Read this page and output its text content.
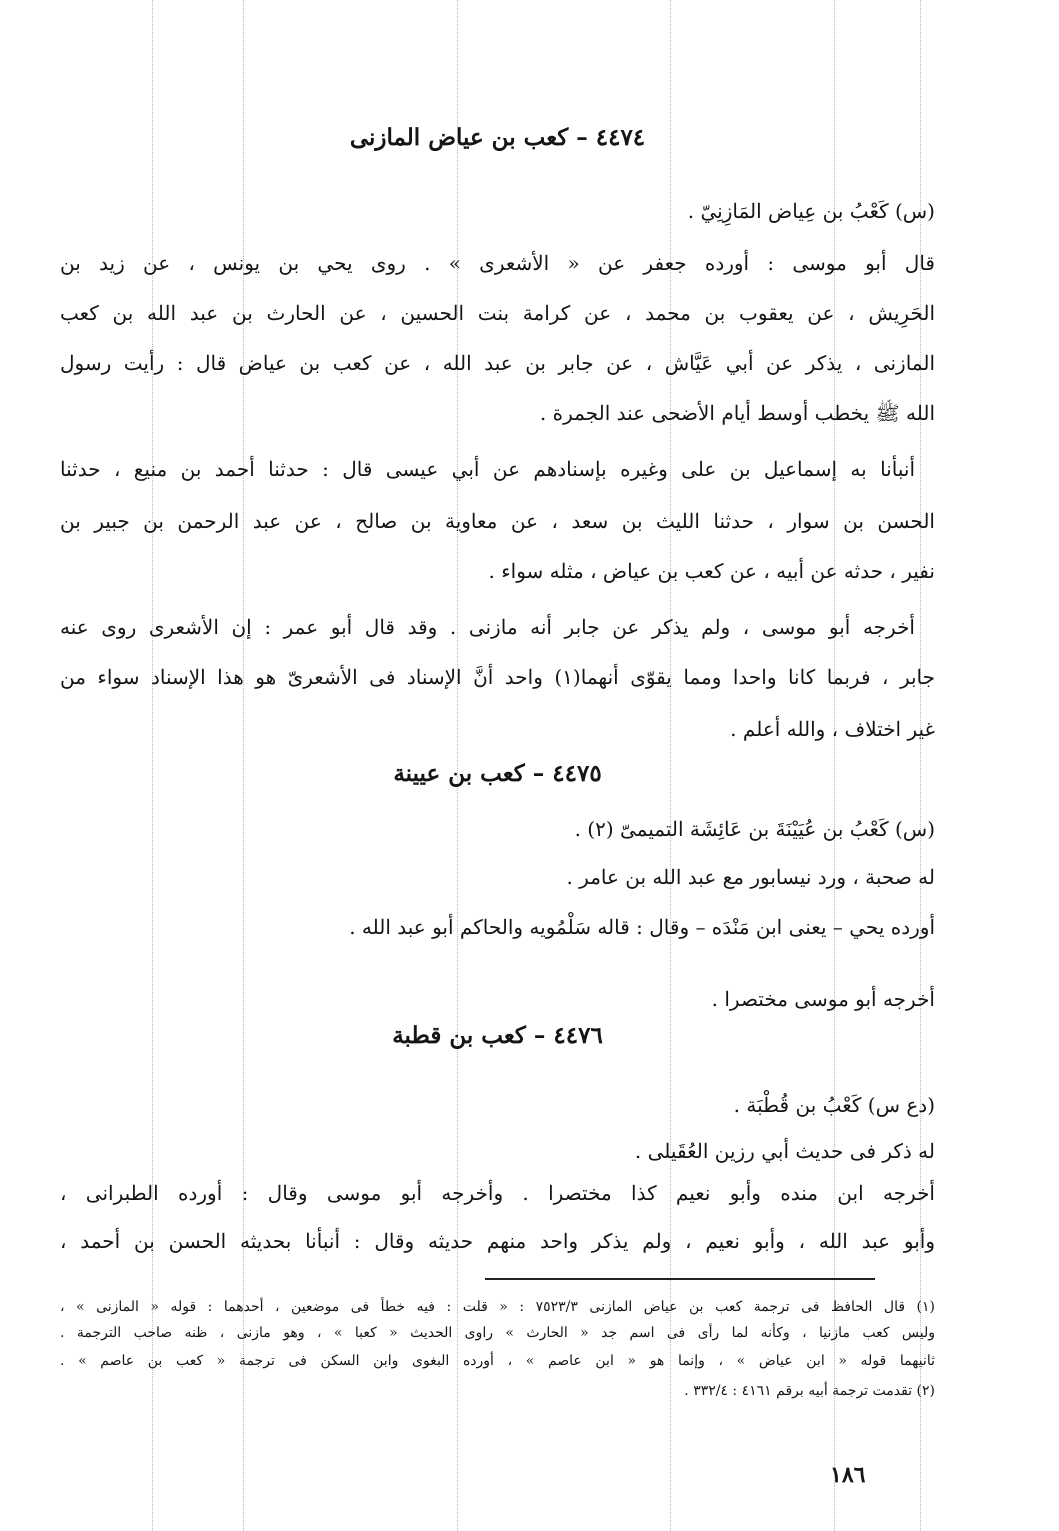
٤٤٧٤ – كعب بن عياض المازنى
(س) كَعْبُ بن عِياض المَازِنِيّ .
قال أبو موسى : أورده جعفر عن « الأشعرى » . روى يحي بن يونس ، عن زيد بن
الحَرِيش ، عن يعقوب بن محمد ، عن كرامة بنت الحسين ، عن الحارث بن عبد الله بن كعب
المازنى ، يذكر عن أبي عَيَّاش ، عن جابر بن عبد الله ، عن كعب بن عياض قال : رأيت رسول
الله ﷺ يخطب أوسط أيام الأضحى عند الجمرة .
أنبأنا به إسماعيل بن على وغيره بإسنادهم عن أبي عيسى قال : حدثنا أحمد بن منيع ، حدثنا
الحسن بن سوار ، حدثنا الليث بن سعد ، عن معاوية بن صالح ، عن عبد الرحمن بن جبير بن
نفير ، حدثه عن أبيه ، عن كعب بن عياض ، مثله سواء .
أخرجه أبو موسى ، ولم يذكر عن جابر أنه مازنى . وقد قال أبو عمر : إن الأشعرى روى عنه
جابر ، فربما كانا واحدا ومما يقوّى أنهما(١) واحد أنَّ الإسناد فى الأشعرىّ هو هذا الإسناد سواء من
غير اختلاف ، والله أعلم .
٤٤٧٥ – كعب بن عيينة
(س) كَعْبُ بن عُيَيْنَةَ بن عَائِشَة التميمىّ (٢) .
له صحبة ، ورد نيسابور مع عبد الله بن عامر .
أورده يحي – يعنى ابن مَنْدَه – وقال : قاله سَلْمُويه والحاكم أبو عبد الله .
أخرجه أبو موسى مختصرا .
٤٤٧٦ – كعب بن قطبة
(دع س) كَعْبُ بن قُطْبَة .
له ذكر فى حديث أبي رزين العُقَيلى .
أخرجه ابن منده وأبو نعيم كذا مختصرا . وأخرجه أبو موسى وقال : أورده الطبرانى ،
وأبو عبد الله ، وأبو نعيم ، ولم يذكر واحد منهم حديثه وقال : أنبأنا بحديثه الحسن بن أحمد ،
(١) قال الحافظ فى ترجمة كعب بن عياض المازنى ٧٥٢٣/٣ : « قلت : فيه خطأ فى موضعين ، أحدهما : قوله « المازنى » ،
وليس كعب مازنيا ، وكأنه لما رأى فى اسم جد « الحارث » راوى الحديث « كعبا » ، وهو مازنى ، ظنه صاحب الترجمة .
ثانيهما قوله « ابن عياض » ، وإنما هو « ابن عاصم » ، أورده البغوى وابن السكن فى ترجمة « كعب بن عاصم » .
(٢) تقدمت ترجمة أبيه برقم ٤١٦١ : ٣٣٢/٤ .
١٨٦
